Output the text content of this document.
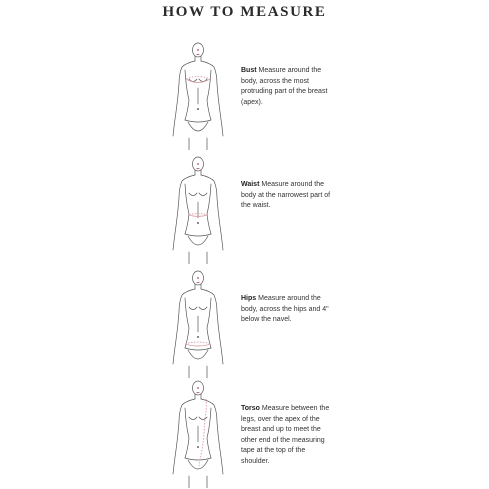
HOW TO MEASURE
Bust Measure around the body, across the most protruding part of the breast (apex).
Waist Measure around the body at the narrowest part of the waist.
Hips Measure around the body, across the hips and 4" below the navel.
Torso Measure between the legs, over the apex of the breast and up to meet the other end of the measuring tape at the top of the shoulder.
